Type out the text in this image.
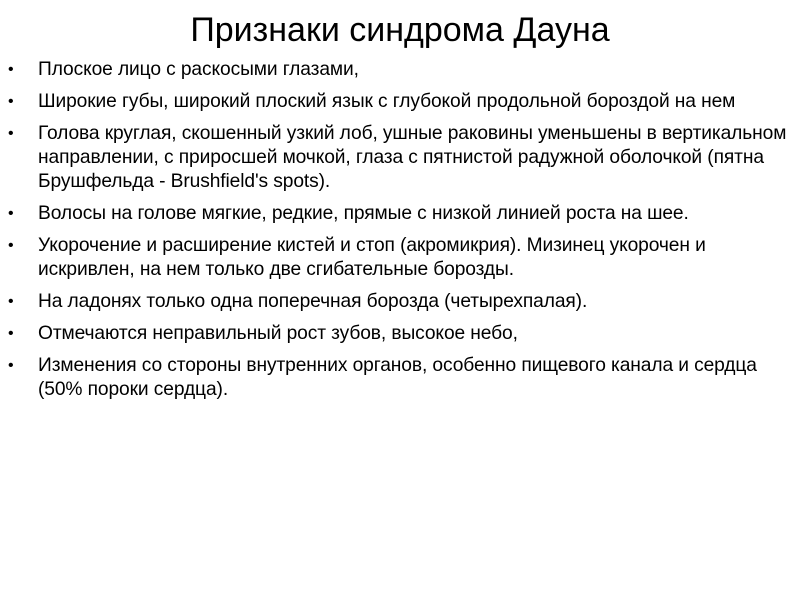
Признаки синдрома Дауна
•	Плоское лицо с раскосыми глазами,
•	Широкие губы, широкий плоский язык с глубокой продольной бороздой на нем
•	Голова круглая, скошенный узкий лоб, ушные раковины уменьшены в вертикальном направлении, с приросшей мочкой, глаза с пятнистой радужной оболочкой (пятна Брушфельда - Brushfield's spots).
•	Волосы на голове мягкие, редкие, прямые с низкой линией роста на шее.
•	Укорочение и расширение кистей и стоп (акромикрия). Мизинец укорочен и искривлен, на нем только две сгибательные борозды.
•	На ладонях только одна поперечная борозда (четырехпалая).
•	Отмечаются неправильный рост зубов, высокое небо,
•	Изменения со стороны внутренних органов, особенно пищевого канала и сердца (50% пороки сердца).
